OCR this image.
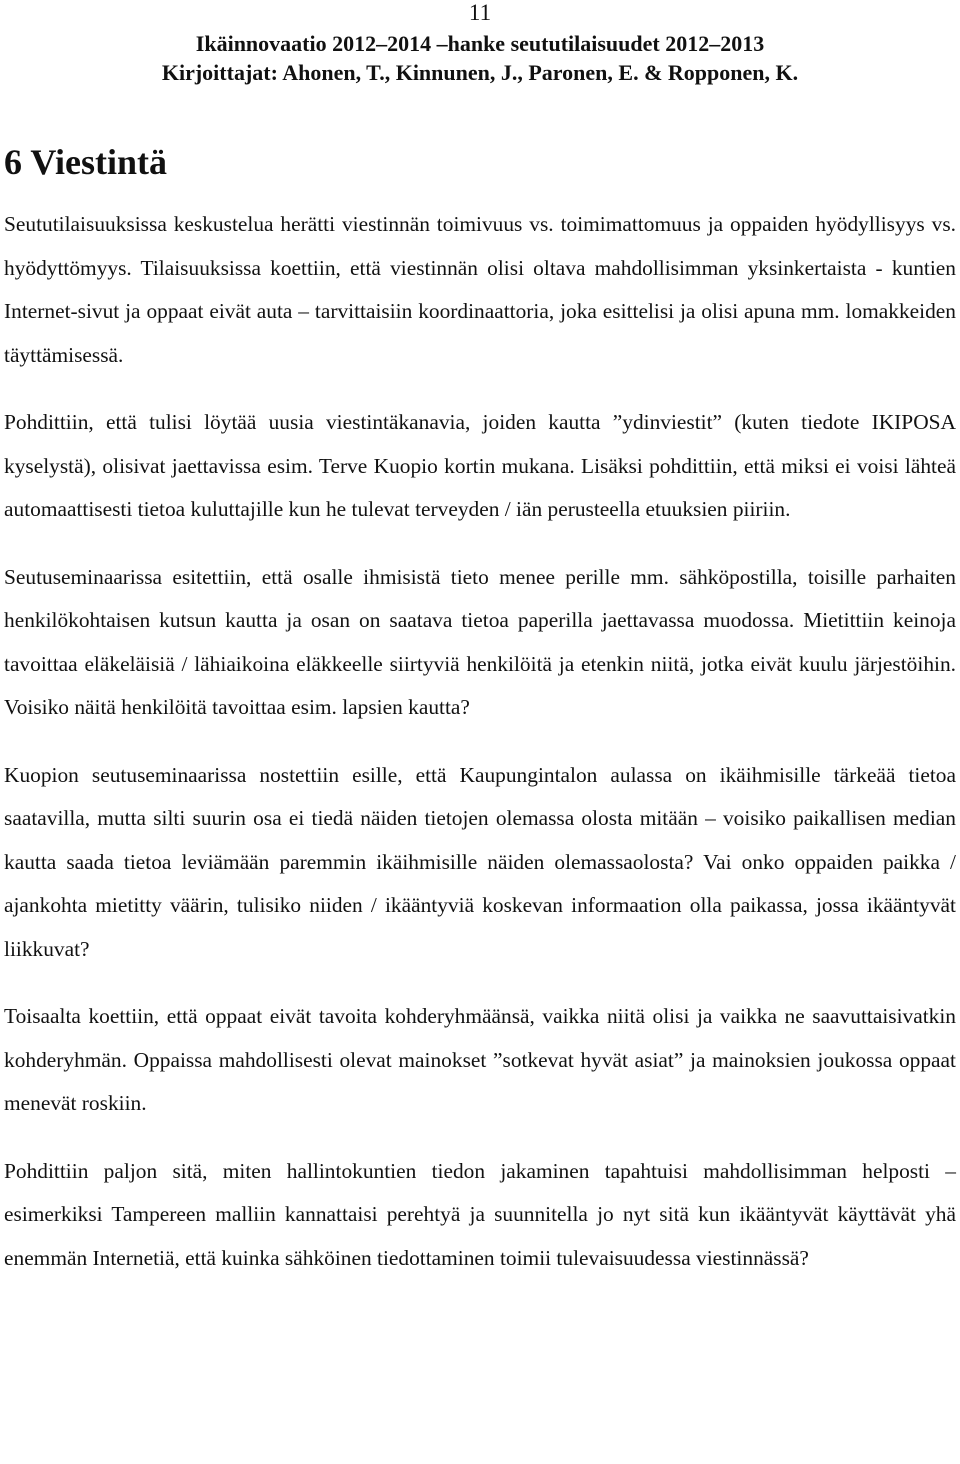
11
Ikäinnovaatio 2012–2014 –hanke seututilaisuudet 2012–2013
Kirjoittajat: Ahonen, T., Kinnunen, J., Paronen, E. & Ropponen, K.
6 Viestintä

Seututilaisuuksissa keskustelua herätti viestinnän toimivuus vs. toimimattomuus ja oppaiden hyödyllisyys vs. hyödyttömyys. Tilaisuuksissa koettiin, että viestinnän olisi oltava mahdollisimman yksinkertaista - kuntien Internet-sivut ja oppaat eivät auta – tarvittaisiin koordinaattoria, joka esittelisi ja olisi apuna mm. lomakkeiden täyttämisessä.

Pohdittiin, että tulisi löytää uusia viestintäkanavia, joiden kautta ”ydinviestit” (kuten tiedote IKIPOSA kyselystä), olisivat jaettavissa esim. Terve Kuopio kortin mukana. Lisäksi pohdittiin, että miksi ei voisi lähteä automaattisesti tietoa kuluttajille kun he tulevat terveyden / iän perusteella etuuksien piiriin.

Seutuseminaarissa esitettiin, että osalle ihmisistä tieto menee perille mm. sähköpostilla, toisille parhaiten henkilökohtaisen kutsun kautta ja osan on saatava tietoa paperilla jaettavassa muodossa. Mietittiin keinoja tavoittaa eläkeläisiä / lähiaikoina eläkkeelle siirtyviä henkilöitä ja etenkin niitä, jotka eivät kuulu järjestöihin. Voisiko näitä henkilöitä tavoittaa esim. lapsien kautta?

Kuopion seutuseminaarissa nostettiin esille, että Kaupungintalon aulassa on ikäihmisille tärkeää tietoa saatavilla, mutta silti suurin osa ei tiedä näiden tietojen olemassa olosta mitään – voisiko paikallisen median kautta saada tietoa leviämään paremmin ikäihmisille näiden olemassaolosta? Vai onko oppaiden paikka / ajankohta mietitty väärin, tulisiko niiden / ikääntyviä koskevan informaation olla paikassa, jossa ikääntyvät liikkuvat?

Toisaalta koettiin, että oppaat eivät tavoita kohderyhmäänsä, vaikka niitä olisi ja vaikka ne saavuttaisivatkin kohderyhmän. Oppaissa mahdollisesti olevat mainokset ”sotkevat hyvät asiat” ja mainoksien joukossa oppaat menevät roskiin.

Pohdittiin paljon sitä, miten hallintokuntien tiedon jakaminen tapahtuisi mahdollisimman helposti – esimerkiksi Tampereen malliin kannattaisi perehtyä ja suunnitella jo nyt sitä kun ikääntyvät käyttävät yhä enemmän Internetiä, että kuinka sähköinen tiedottaminen toimii tulevaisuudessa viestinnässä?
